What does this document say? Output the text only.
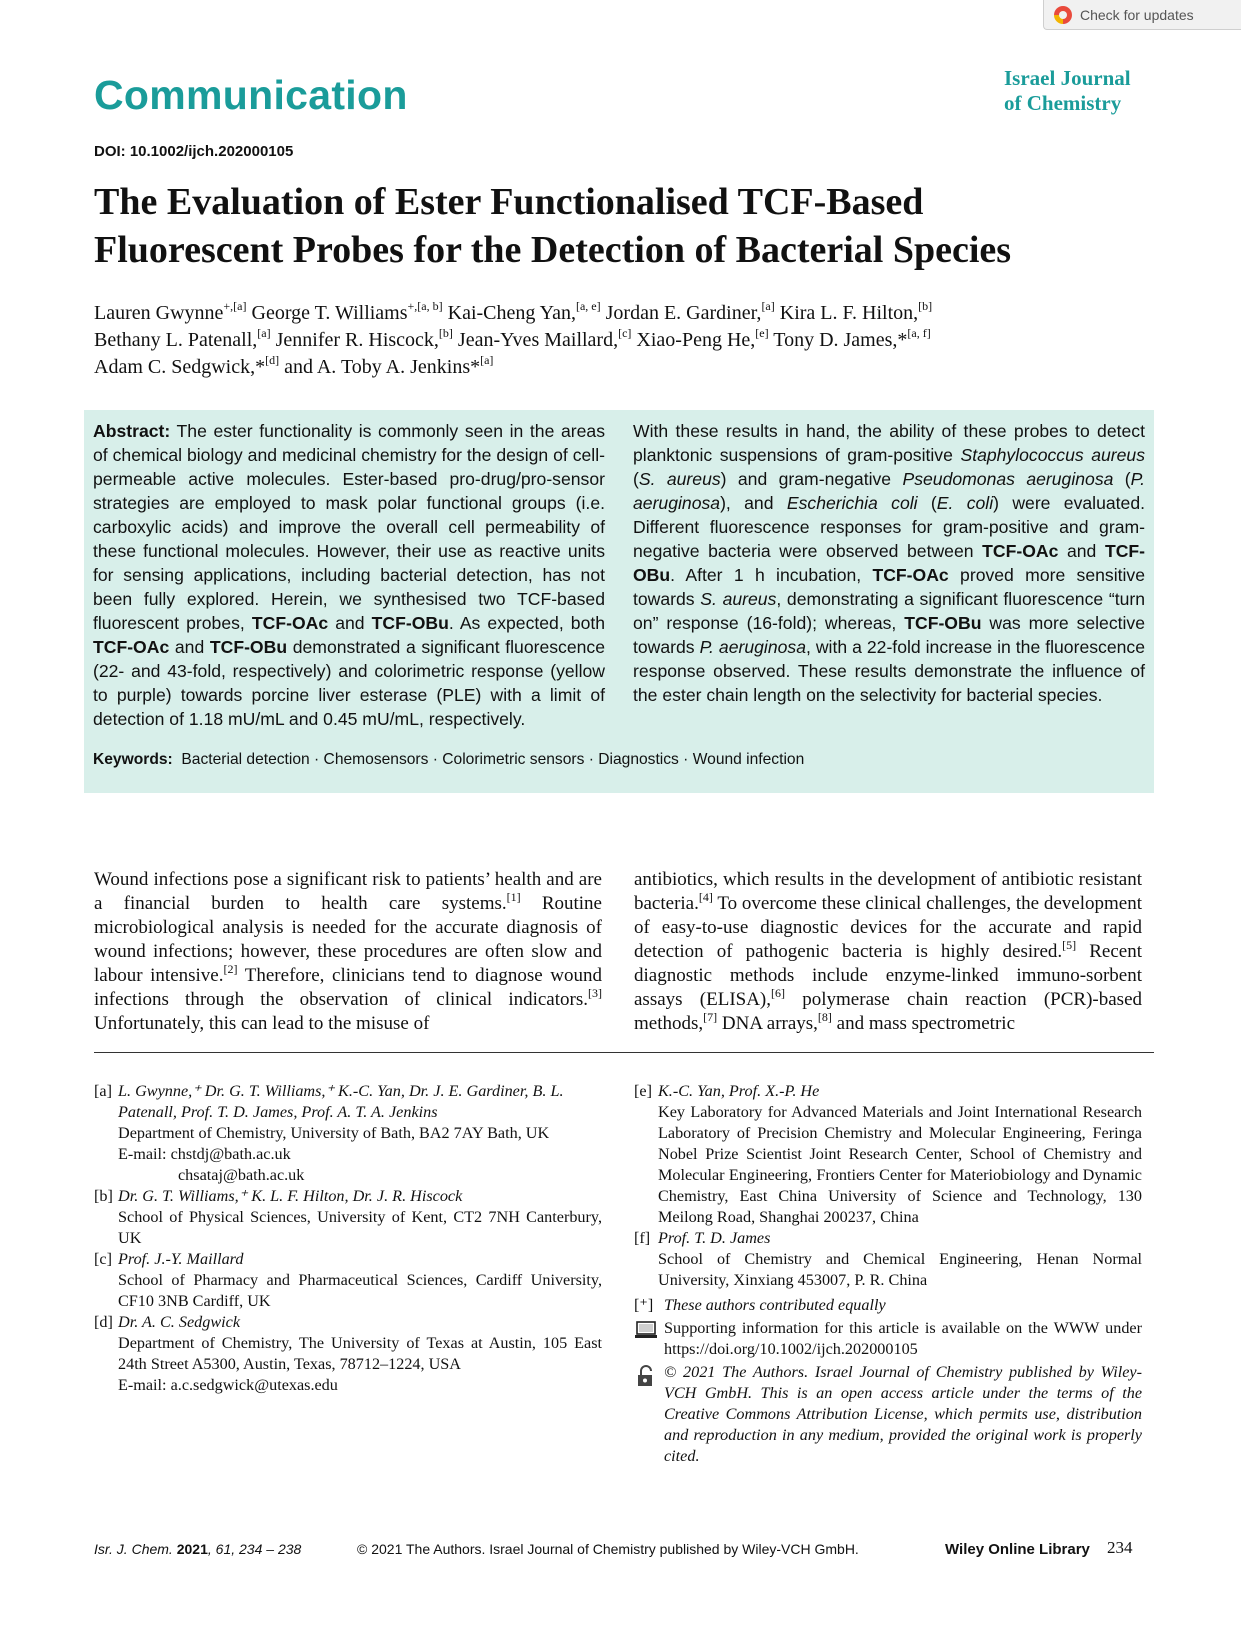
Check for updates
Communication	Israel Journal
of Chemistry
DOI: 10.1002/ijch.202000105
The Evaluation of Ester Functionalised TCF-Based
Fluorescent Probes for the Detection of Bacterial Species
Lauren Gwynne$^{+,[a]}$ George T. Williams$^{+,[a, b]}$ Kai-Cheng Yan,[a, e] Jordan E. Gardiner,[a] Kira L. F. Hilton,[b]
Bethany L. Patenall,[a] Jennifer R. Hiscock,[b] Jean-Yves Maillard,[c] Xiao-Peng He,[e] Tony D. James,*[a, f]
Adam C. Sedgwick,*[d] and A. Toby A. Jenkins*[a]
Abstract: The ester functionality is commonly seen in the areas of chemical biology and medicinal chemistry for the design of cell-permeable active molecules. Ester-based pro-drug/pro-sensor strategies are employed to mask polar functional groups (i.e. carboxylic acids) and improve the overall cell permeability of these functional molecules. However, their use as reactive units for sensing applications, including bacterial detection, has not been fully explored. Herein, we synthesised two TCF-based fluorescent probes, TCF-OAc and TCF-OBu. As expected, both TCF-OAc and TCF-OBu demonstrated a significant fluorescence (22- and 43-fold, respectively) and colorimetric response (yellow to purple) towards porcine liver esterase (PLE) with a limit of detection of 1.18 mU/mL and 0.45 mU/mL, respectively.
With these results in hand, the ability of these probes to detect planktonic suspensions of gram-positive Staphylococcus aureus (S. aureus) and gram-negative Pseudomonas aeruginosa (P. aeruginosa), and Escherichia coli (E. coli) were evaluated. Different fluorescence responses for gram-positive and gram-negative bacteria were observed between TCF-OAc and TCF-OBu. After 1 h incubation, TCF-OAc proved more sensitive towards S. aureus, demonstrating a significant fluorescence “turn on” response (16-fold); whereas, TCF-OBu was more selective towards P. aeruginosa, with a 22-fold increase in the fluorescence response observed. These results demonstrate the influence of the ester chain length on the selectivity for bacterial species.
Keywords: Bacterial detection · Chemosensors · Colorimetric sensors · Diagnostics · Wound infection
Wound infections pose a significant risk to patients’ health and are a financial burden to health care systems.[1] Routine microbiological analysis is needed for the accurate diagnosis of wound infections; however, these procedures are often slow and labour intensive.[2] Therefore, clinicians tend to diagnose wound infections through the observation of clinical indicators.[3] Unfortunately, this can lead to the misuse of
antibiotics, which results in the development of antibiotic resistant bacteria.[4] To overcome these clinical challenges, the development of easy-to-use diagnostic devices for the accurate and rapid detection of pathogenic bacteria is highly desired.[5] Recent diagnostic methods include enzyme-linked immuno-sorbent assays (ELISA),[6] polymerase chain reaction (PCR)-based methods,[7] DNA arrays,[8] and mass spectrometric
[a] L. Gwynne,⁺ Dr. G. T. Williams,⁺ K.-C. Yan, Dr. J. E. Gardiner, B. L. Patenall, Prof. T. D. James, Prof. A. T. A. Jenkins
Department of Chemistry, University of Bath, BA2 7AY Bath, UK
E-mail: chstdj@bath.ac.uk
chsataj@bath.ac.uk
[b] Dr. G. T. Williams,⁺ K. L. F. Hilton, Dr. J. R. Hiscock
School of Physical Sciences, University of Kent, CT2 7NH Canterbury, UK
[c] Prof. J.-Y. Maillard
School of Pharmacy and Pharmaceutical Sciences, Cardiff University, CF10 3NB Cardiff, UK
[d] Dr. A. C. Sedgwick
Department of Chemistry, The University of Texas at Austin, 105 East 24th Street A5300, Austin, Texas, 78712–1224, USA
E-mail: a.c.sedgwick@utexas.edu
[e] K.-C. Yan, Prof. X.-P. He
Key Laboratory for Advanced Materials and Joint International Research Laboratory of Precision Chemistry and Molecular Engineering, Feringa Nobel Prize Scientist Joint Research Center, School of Chemistry and Molecular Engineering, Frontiers Center for Materiobiology and Dynamic Chemistry, East China University of Science and Technology, 130 Meilong Road, Shanghai 200237, China
[f] Prof. T. D. James
School of Chemistry and Chemical Engineering, Henan Normal University, Xinxiang 453007, P. R. China
[⁺] These authors contributed equally
Supporting information for this article is available on the WWW under https://doi.org/10.1002/ijch.202000105
© 2021 The Authors. Israel Journal of Chemistry published by Wiley-VCH GmbH. This is an open access article under the terms of the Creative Commons Attribution License, which permits use, distribution and reproduction in any medium, provided the original work is properly cited.
Isr. J. Chem. 2021, 61, 234 – 238	© 2021 The Authors. Israel Journal of Chemistry published by Wiley-VCH GmbH.	Wiley Online Library 234
